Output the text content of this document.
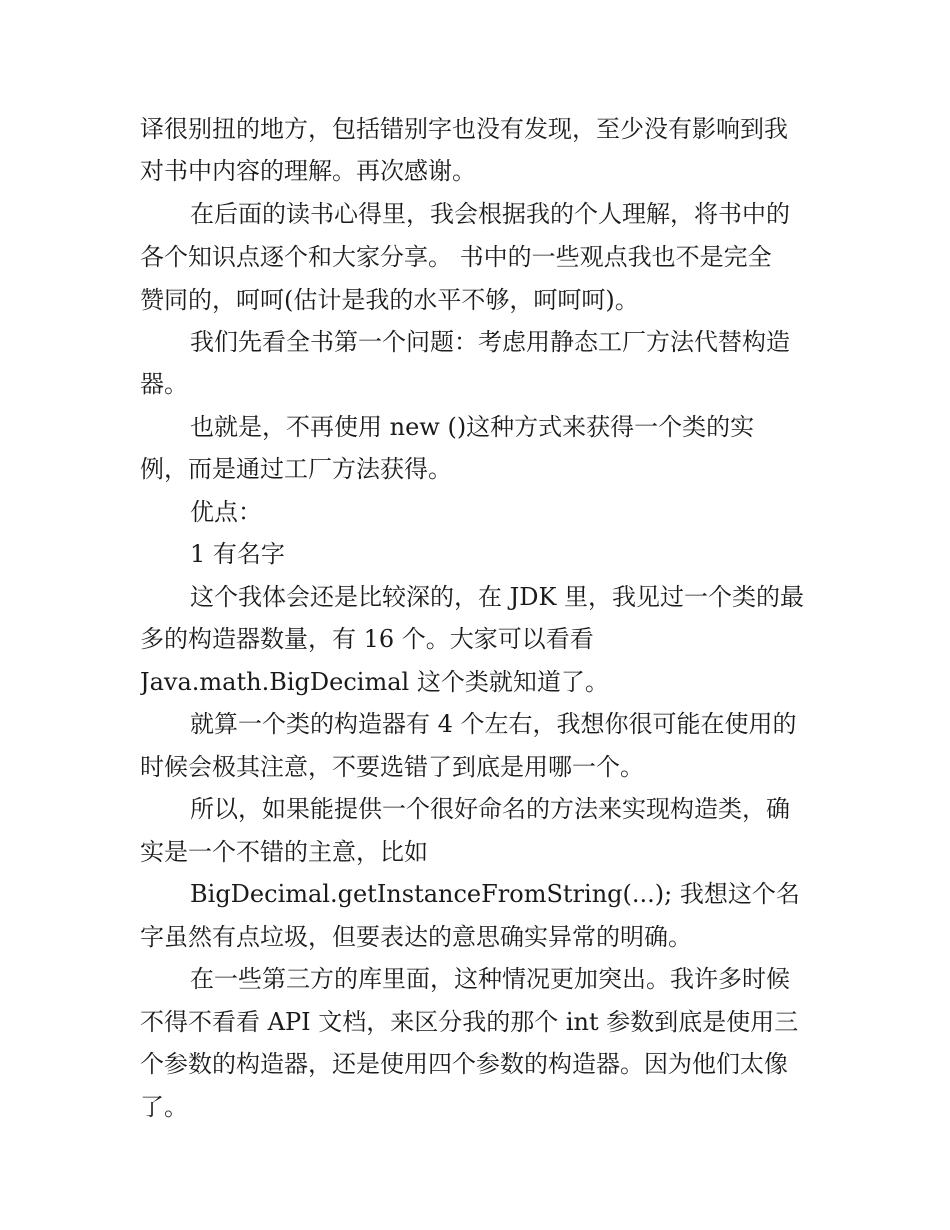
译很别扭的地方，包括错别字也没有发现，至少没有影响到我
对书中内容的理解。再次感谢。
在后面的读书心得里，我会根据我的个人理解，将书中的
各个知识点逐个和大家分享。 书中的一些观点我也不是完全
赞同的，呵呵(估计是我的水平不够，呵呵呵)。
我们先看全书第一个问题：考虑用静态工厂方法代替构造
器。
也就是，不再使用 new ()这种方式来获得一个类的实
例，而是通过工厂方法获得。
优点：
1 有名字
这个我体会还是比较深的，在 JDK 里，我见过一个类的最
多的构造器数量，有 16 个。大家可以看看
Java.math.BigDecimal 这个类就知道了。
就算一个类的构造器有 4 个左右，我想你很可能在使用的
时候会极其注意，不要选错了到底是用哪一个。
所以，如果能提供一个很好命名的方法来实现构造类，确
实是一个不错的主意，比如
BigDecimal.getInstanceFromString(...); 我想这个名
字虽然有点垃圾，但要表达的意思确实异常的明确。
在一些第三方的库里面，这种情况更加突出。我许多时候
不得不看看 API 文档，来区分我的那个 int 参数到底是使用三
个参数的构造器，还是使用四个参数的构造器。因为他们太像
了。
